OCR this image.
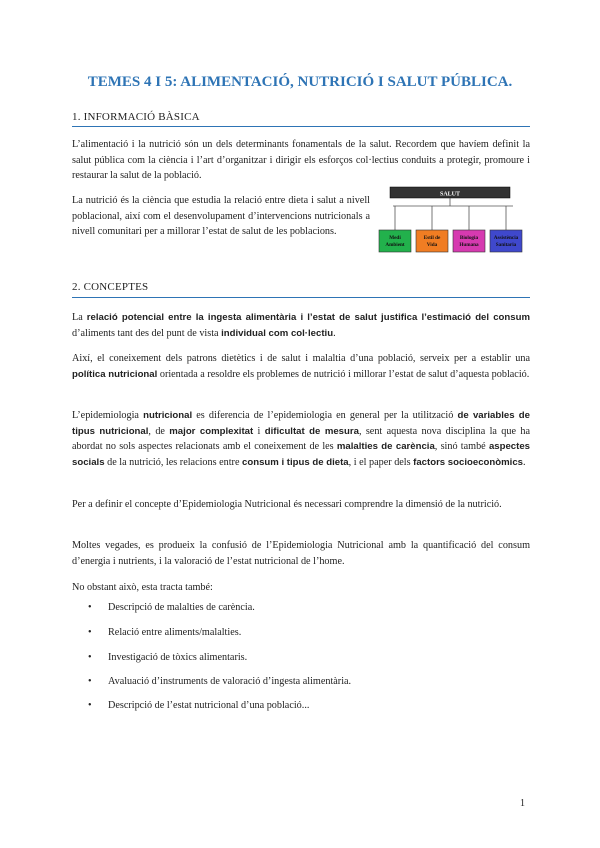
TEMES 4 I 5: ALIMENTACIÓ, NUTRICIÓ I SALUT PÚBLICA.
1. INFORMACIÓ BÀSICA
L’alimentació i la nutrició són un dels determinants fonamentals de la salut. Recordem que havíem definit la salut pública com la ciència i l’art d’organitzar i dirigir els esforços col·lectius conduits a protegir, promoure i restaurar la salut de la població.
La nutrició és la ciència que estudia la relació entre dieta i salut a nivell poblacional, així com el desenvolupament d’intervencions nutricionals a nivell comunitari per a millorar l’estat de salut de les poblacions.
SALUT
Medi
Ambient
Estil de
Vida
Biologia
Humana
Assistència
Sanitaria
2. CONCEPTES
La relació potencial entre la ingesta alimentària i l’estat de salut justifica l’estimació del consum d’aliments tant des del punt de vista individual com col·lectiu.
Així, el coneixement dels patrons dietètics i de salut i malaltia d’una població, serveix per a establir una política nutricional orientada a resoldre els problemes de nutrició i millorar l’estat de salut d’aquesta població.
L’epidemiologia nutricional es diferencia de l’epidemiologia en general per la utilització de variables de tipus nutricional, de major complexitat i dificultat de mesura, sent aquesta nova disciplina la que ha abordat no sols aspectes relacionats amb el coneixement de les malalties de carència, sinó també aspectes socials de la nutrició, les relacions entre consum i tipus de dieta, i el paper dels factors socioeconòmics.
Per a definir el concepte d’Epidemiologia Nutricional és necessari comprendre la dimensió de la nutrició.
Moltes vegades, es produeix la confusió de l’Epidemiologia Nutricional amb la quantificació del consum d’energia i nutrients, i la valoració de l’estat nutricional de l’home.
No obstant això, esta tracta també:
• Descripció de malalties de carència.
• Relació entre aliments/malalties.
• Investigació de tòxics alimentaris.
• Avaluació d’instruments de valoració d’ingesta alimentària.
• Descripció de l’estat nutricional d’una població...
1
